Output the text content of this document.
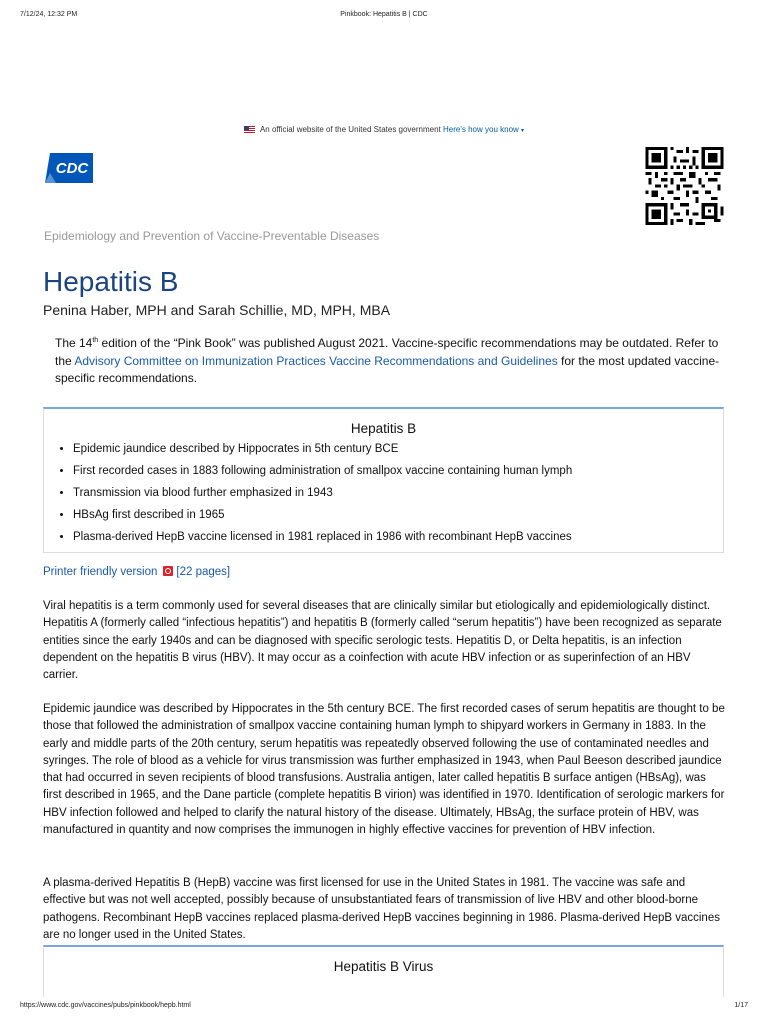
7/12/24, 12:32 PM	Pinkbook: Hepatitis B | CDC
An official website of the United States government Here's how you know ▾
CDC
Epidemiology and Prevention of Vaccine-Preventable Diseases
Hepatitis B
Penina Haber, MPH and Sarah Schillie, MD, MPH, MBA
The 14th edition of the “Pink Book” was published August 2021. Vaccine-specific recommendations may be outdated. Refer to the Advisory Committee on Immunization Practices Vaccine Recommendations and Guidelines for the most updated vaccine-specific recommendations.
Hepatitis B
• Epidemic jaundice described by Hippocrates in 5th century BCE
• First recorded cases in 1883 following administration of smallpox vaccine containing human lymph
• Transmission via blood further emphasized in 1943
• HBsAg first described in 1965
• Plasma-derived HepB vaccine licensed in 1981 replaced in 1986 with recombinant HepB vaccines
Printer friendly version [22 pages]

Viral hepatitis is a term commonly used for several diseases that are clinically similar but etiologically and epidemiologically distinct. Hepatitis A (formerly called “infectious hepatitis”) and hepatitis B (formerly called “serum hepatitis”) have been recognized as separate entities since the early 1940s and can be diagnosed with specific serologic tests. Hepatitis D, or Delta hepatitis, is an infection dependent on the hepatitis B virus (HBV). It may occur as a coinfection with acute HBV infection or as superinfection of an HBV carrier.

Epidemic jaundice was described by Hippocrates in the 5th century BCE. The first recorded cases of serum hepatitis are thought to be those that followed the administration of smallpox vaccine containing human lymph to shipyard workers in Germany in 1883. In the early and middle parts of the 20th century, serum hepatitis was repeatedly observed following the use of contaminated needles and syringes. The role of blood as a vehicle for virus transmission was further emphasized in 1943, when Paul Beeson described jaundice that had occurred in seven recipients of blood transfusions. Australia antigen, later called hepatitis B surface antigen (HBsAg), was first described in 1965, and the Dane particle (complete hepatitis B virion) was identified in 1970. Identification of serologic markers for HBV infection followed and helped to clarify the natural history of the disease. Ultimately, HBsAg, the surface protein of HBV, was manufactured in quantity and now comprises the immunogen in highly effective vaccines for prevention of HBV infection.

A plasma-derived Hepatitis B (HepB) vaccine was first licensed for use in the United States in 1981. The vaccine was safe and effective but was not well accepted, possibly because of unsubstantiated fears of transmission of live HBV and other blood-borne pathogens. Recombinant HepB vaccines replaced plasma-derived HepB vaccines beginning in 1986. Plasma-derived HepB vaccines are no longer used in the United States.

Hepatitis B Virus
https://www.cdc.gov/vaccines/pubs/pinkbook/hepb.html	1/17
